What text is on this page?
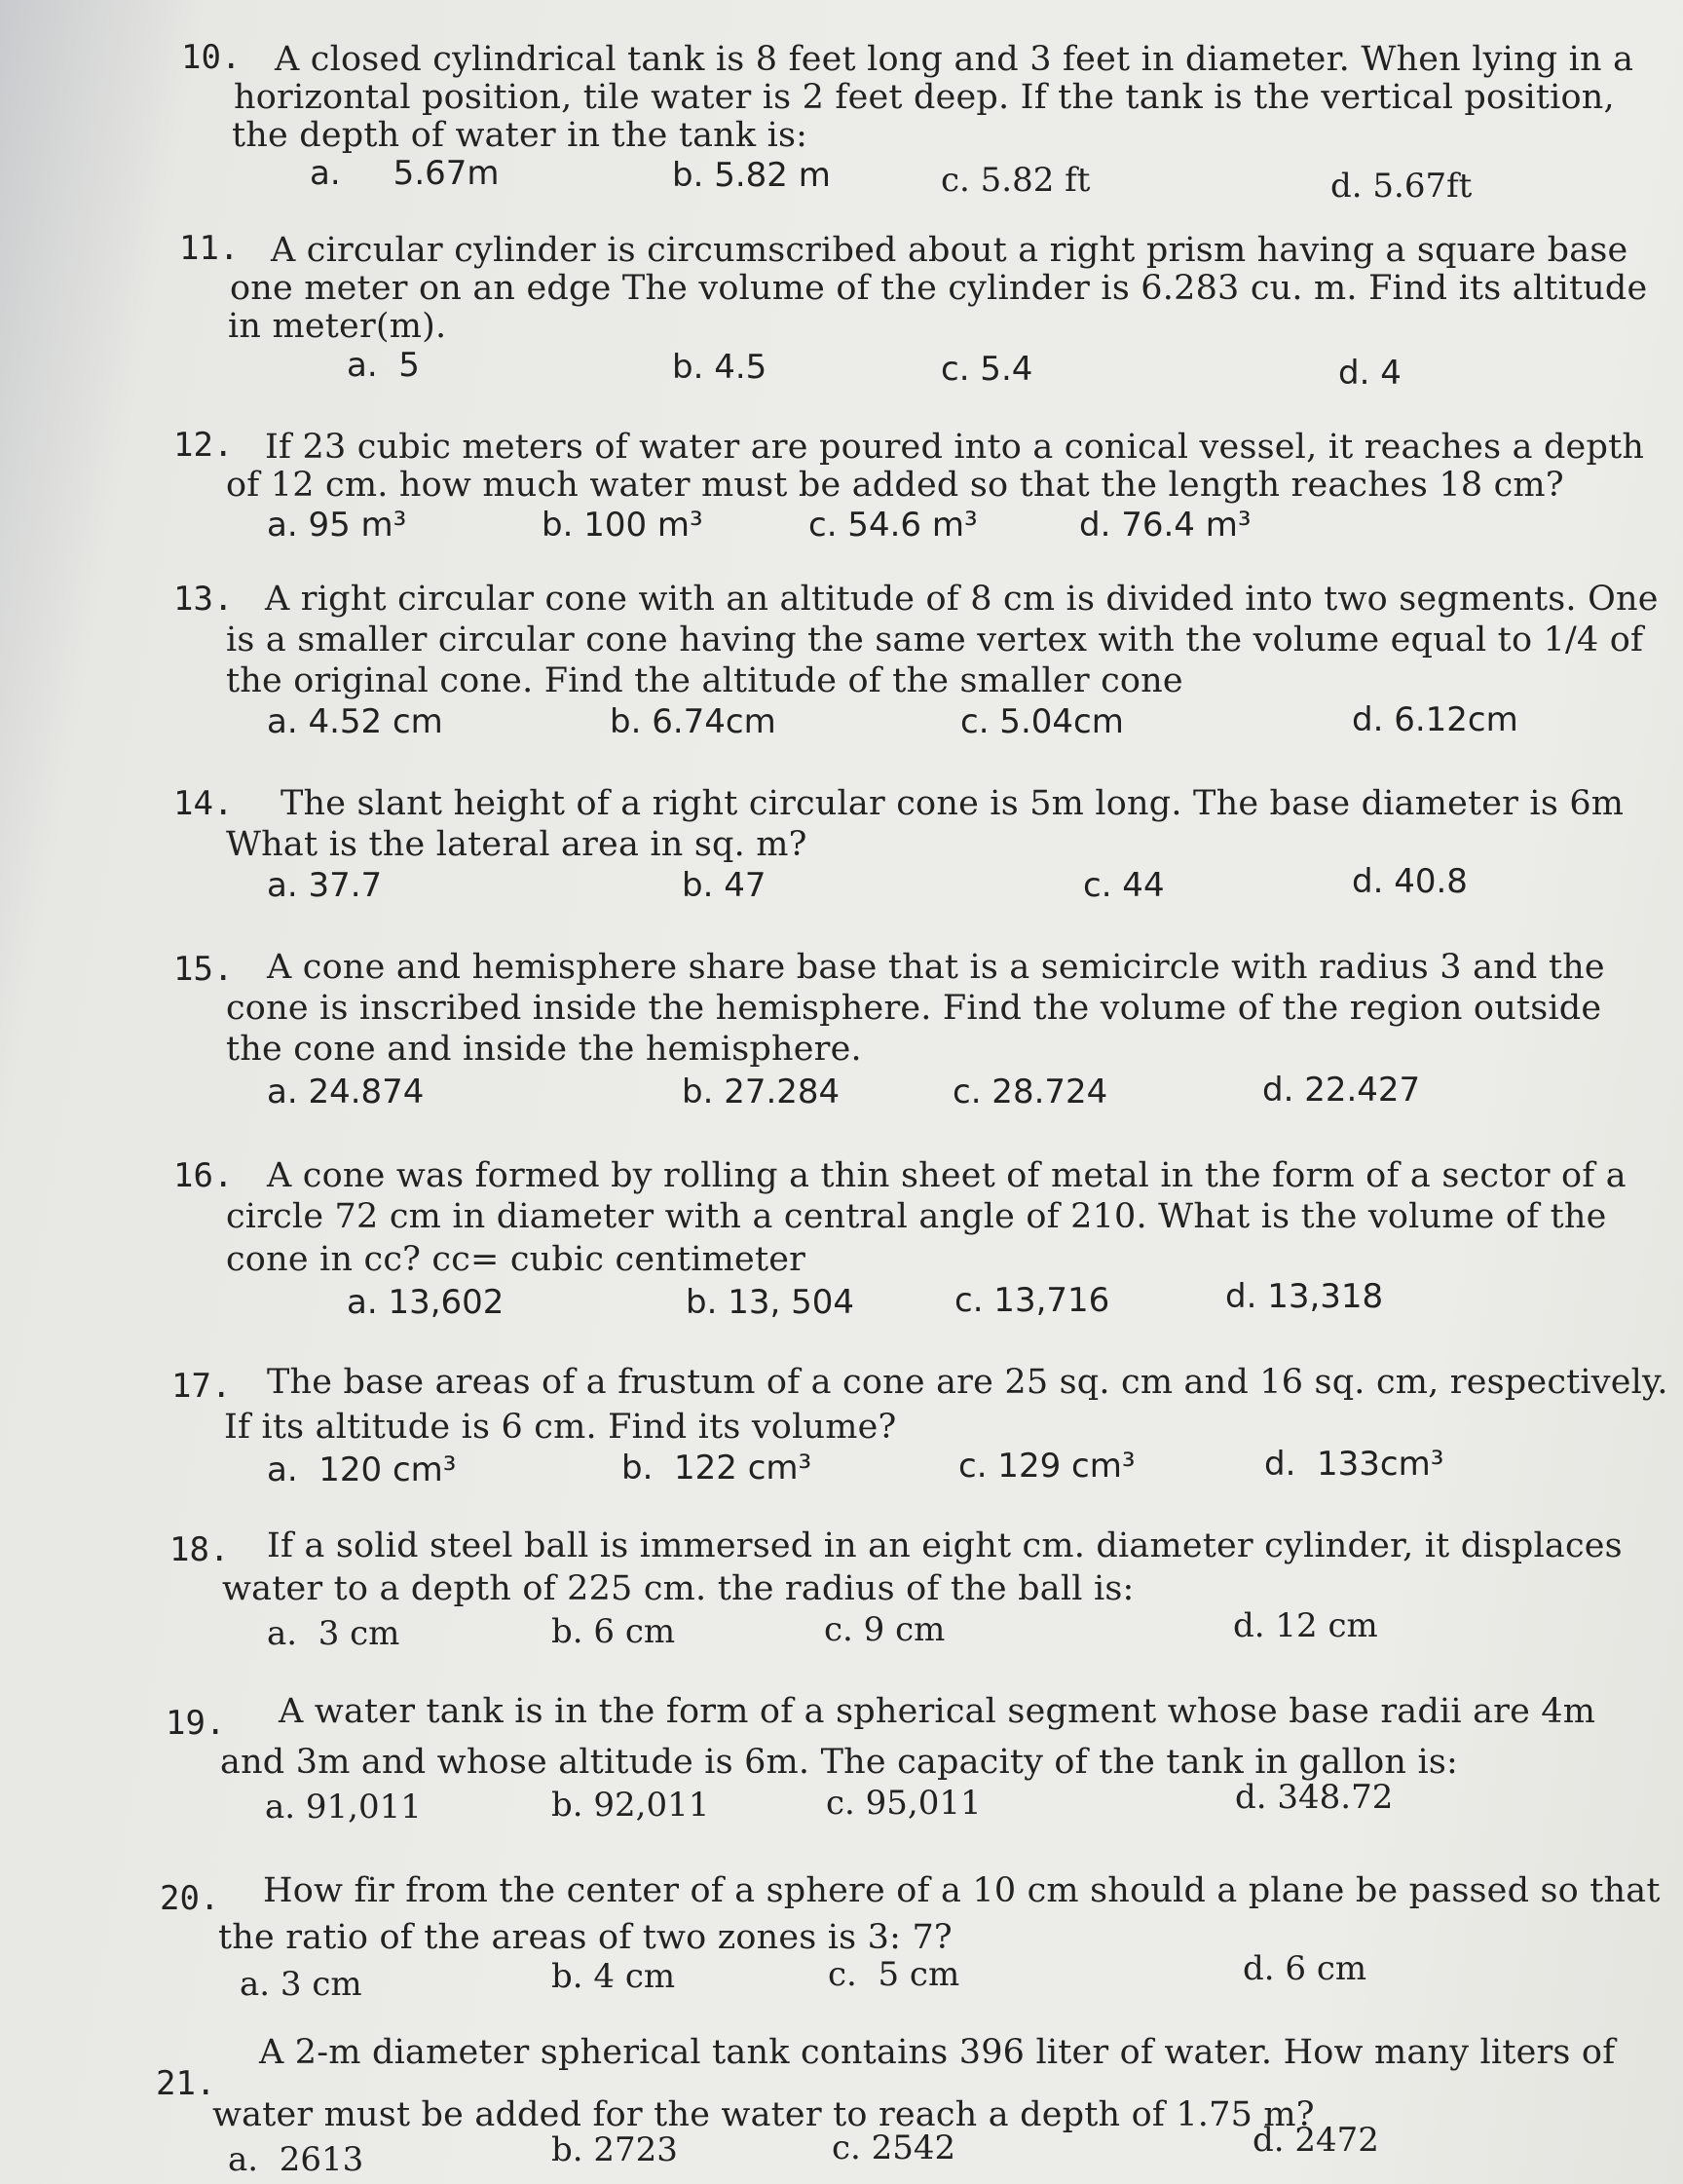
10. A closed cylindrical tank is 8 feet long and 3 feet in diameter. When lying in a
horizontal position, tile water is 2 feet deep. If the tank is the vertical position,
the depth of water in the tank is:
a.     5.67m	b. 5.82 m	c. 5.82 ft	d. 5.67ft
11. A circular cylinder is circumscribed about a right prism having a square base
one meter on an edge The volume of the cylinder is 6.283 cu. m. Find its altitude
in meter(m).
a.  5	b. 4.5	c. 5.4	d. 4
12. If 23 cubic meters of water are poured into a conical vessel, it reaches a depth
of 12 cm. how much water must be added so that the length reaches 18 cm?
a. 95 m³	b. 100 m³	c. 54.6 m³	d. 76.4 m³
13. A right circular cone with an altitude of 8 cm is divided into two segments. One
is a smaller circular cone having the same vertex with the volume equal to 1/4 of
the original cone. Find the altitude of the smaller cone
a. 4.52 cm	b. 6.74cm	c. 5.04cm	d. 6.12cm
14. The slant height of a right circular cone is 5m long. The base diameter is 6m
What is the lateral area in sq. m?
a. 37.7	b. 47	c. 44	d. 40.8
15. A cone and hemisphere share base that is a semicircle with radius 3 and the
cone is inscribed inside the hemisphere. Find the volume of the region outside
the cone and inside the hemisphere.
a. 24.874	b. 27.284	c. 28.724	d. 22.427
16. A cone was formed by rolling a thin sheet of metal in the form of a sector of a
circle 72 cm in diameter with a central angle of 210. What is the volume of the
cone in cc? cc= cubic centimeter
a. 13,602	b. 13, 504	c. 13,716	d. 13,318
17. The base areas of a frustum of a cone are 25 sq. cm and 16 sq. cm, respectively.
If its altitude is 6 cm. Find its volume?
a.  120 cm³	b.  122 cm³	c. 129 cm³	d.  133cm³
18. If a solid steel ball is immersed in an eight cm. diameter cylinder, it displaces
water to a depth of 225 cm. the radius of the ball is:
a.  3 cm	b. 6 cm	c. 9 cm	d. 12 cm
19. A water tank is in the form of a spherical segment whose base radii are 4m
and 3m and whose altitude is 6m. The capacity of the tank in gallon is:
a. 91,011	b. 92,011	c. 95,011	d. 348.72
20. How fir from the center of a sphere of a 10 cm should a plane be passed so that
the ratio of the areas of two zones is 3: 7?
a. 3 cm	b. 4 cm	c.  5 cm	d. 6 cm
21.
A 2-m diameter spherical tank contains 396 liter of water. How many liters of
water must be added for the water to reach a depth of 1.75 m?
a.  2613	b. 2723	c. 2542	d. 2472
